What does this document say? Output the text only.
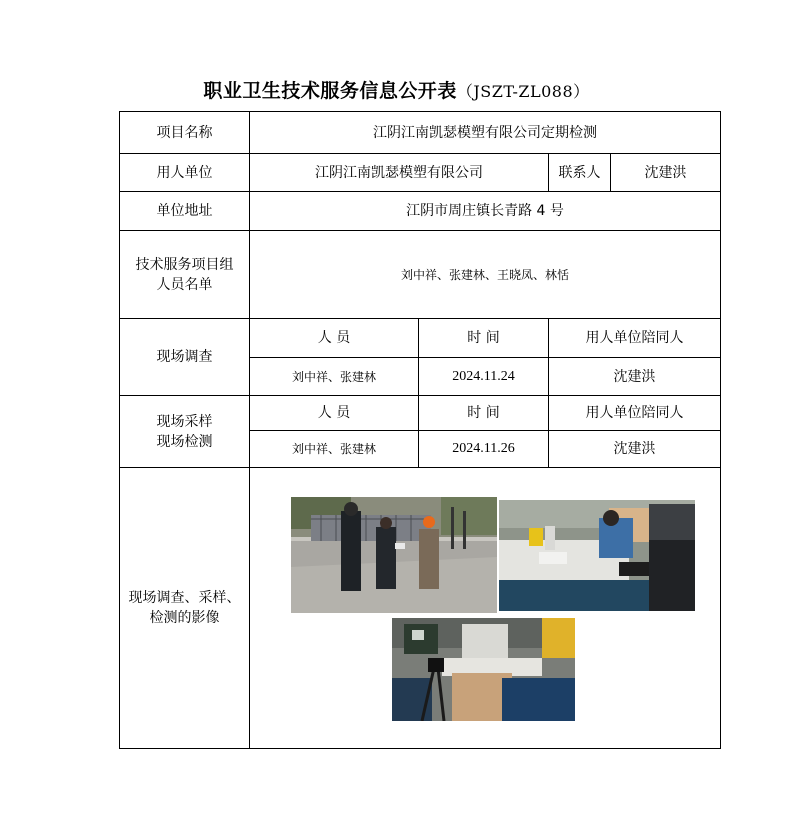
职业卫生技术服务信息公开表（JSZT-ZL088）
项目名称	江阴江南凯瑟模塑有限公司定期检测			
用人单位	江阴江南凯瑟模塑有限公司		联系人	沈建洪
单位地址	江阴市周庄镇长青路 4 号			

技术服务项目组
人员名单	刘中祥、张建林、王晓凤、林恬			
现场调查	人 员	时 间	用人单位陪同人	
	刘中祥、张建林	2024.11.24	沈建洪	

现场采样
现场检测	人 员	时 间	用人单位陪同人	
	刘中祥、张建林	2024.11.26	沈建洪	

现场调查、采样、
检测的影像
